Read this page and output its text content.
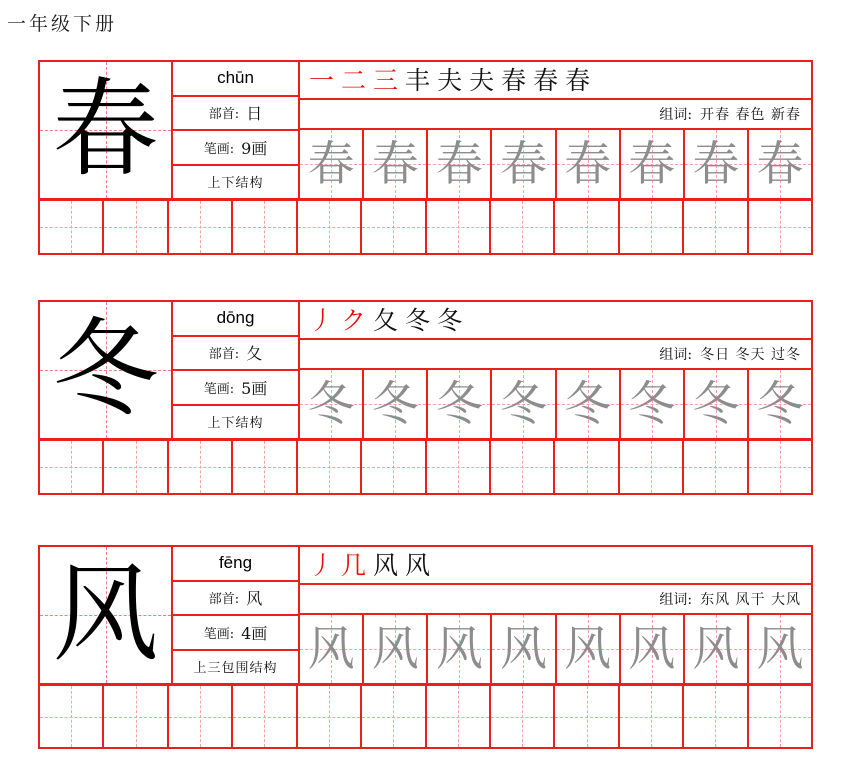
一年级下册
春	chūn
部首: 日
笔画: 9画
上下结构
一 二 三 丰 夫 夫 春 春 春
组词: 开春 春色 新春
春 春 春 春 春 春 春 春
冬	dōng
部首: 夂
笔画: 5画
上下结构
丿 ク 夂 冬 冬
组词: 冬日 冬天 过冬
冬 冬 冬 冬 冬 冬 冬 冬
风	fēng
部首: 风
笔画: 4画
上三包围结构
丿 几 风 风
组词: 东风 风干 大风
风 风 风 风 风 风 风 风
